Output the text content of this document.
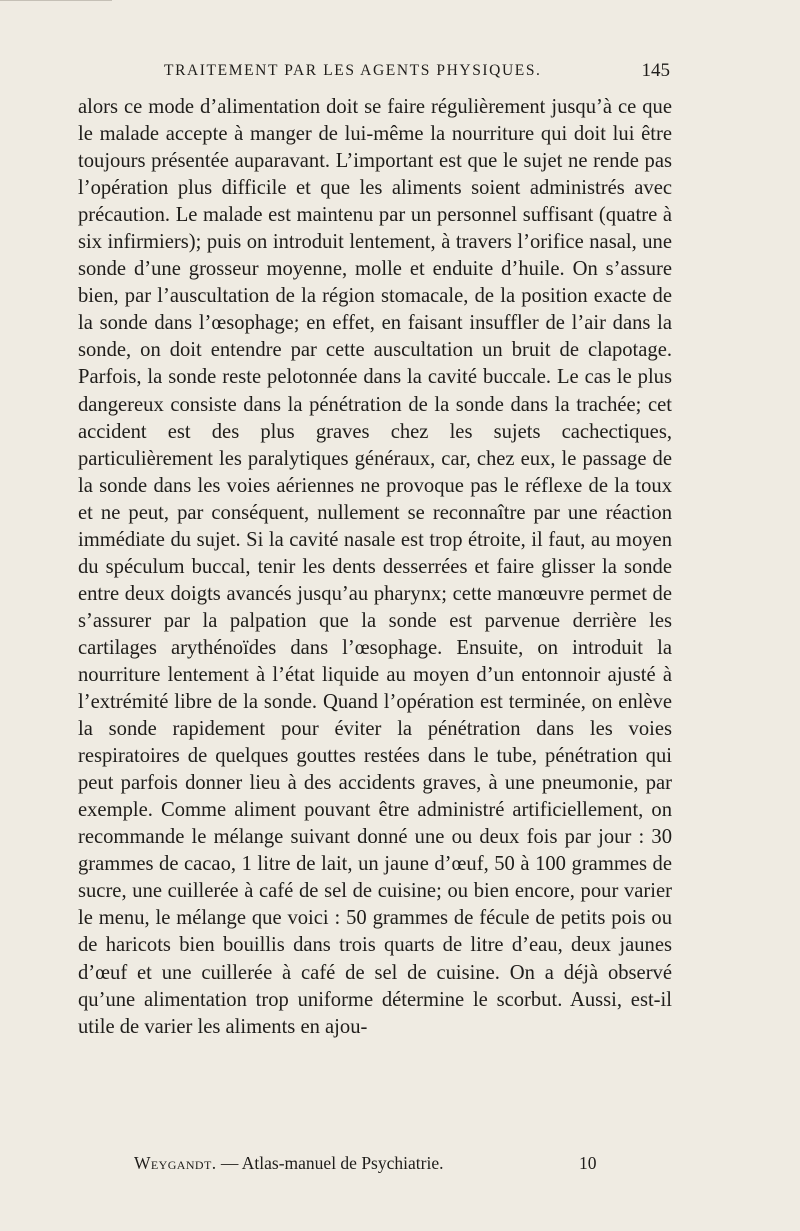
TRAITEMENT PAR LES AGENTS PHYSIQUES.	145

alors ce mode d’alimentation doit se faire régulièrement jusqu’à ce que le malade accepte à manger de lui-même la nourriture qui doit lui être toujours présentée auparavant. L’important est que le sujet ne rende pas l’opération plus difficile et que les aliments soient administrés avec précaution. Le malade est maintenu par un personnel suffisant (quatre à six infirmiers); puis on introduit lentement, à travers l’orifice nasal, une sonde d’une grosseur moyenne, molle et enduite d’huile. On s’assure bien, par l’auscultation de la région stomacale, de la position exacte de la sonde dans l’œsophage; en effet, en faisant insuffler de l’air dans la sonde, on doit entendre par cette auscultation un bruit de clapotage. Parfois, la sonde reste pelotonnée dans la cavité buccale. Le cas le plus dangereux consiste dans la pénétration de la sonde dans la trachée; cet accident est des plus graves chez les sujets cachectiques, particulièrement les paralytiques généraux, car, chez eux, le passage de la sonde dans les voies aériennes ne provoque pas le réflexe de la toux et ne peut, par conséquent, nullement se reconnaître par une réaction immédiate du sujet. Si la cavité nasale est trop étroite, il faut, au moyen du spéculum buccal, tenir les dents desserrées et faire glisser la sonde entre deux doigts avancés jusqu’au pharynx; cette manœuvre permet de s’assurer par la palpation que la sonde est parvenue derrière les cartilages arythénoïdes dans l’œsophage. Ensuite, on introduit la nourriture lentement à l’état liquide au moyen d’un entonnoir ajusté à l’extrémité libre de la sonde. Quand l’opération est terminée, on enlève la sonde rapidement pour éviter la pénétration dans les voies respiratoires de quelques gouttes restées dans le tube, pénétration qui peut parfois donner lieu à des accidents graves, à une pneumonie, par exemple. Comme aliment pouvant être administré artificiellement, on recommande le mélange suivant donné une ou deux fois par jour : 30 grammes de cacao, 1 litre de lait, un jaune d’œuf, 50 à 100 grammes de sucre, une cuillerée à café de sel de cuisine; ou bien encore, pour varier le menu, le mélange que voici : 50 grammes de fécule de petits pois ou de haricots bien bouillis dans trois quarts de litre d’eau, deux jaunes d’œuf et une cuillerée à café de sel de cuisine. On a déjà observé qu’une alimentation trop uniforme détermine le scorbut. Aussi, est-il utile de varier les aliments en ajou-

Weygandt. — Atlas-manuel de Psychiatrie.	10
